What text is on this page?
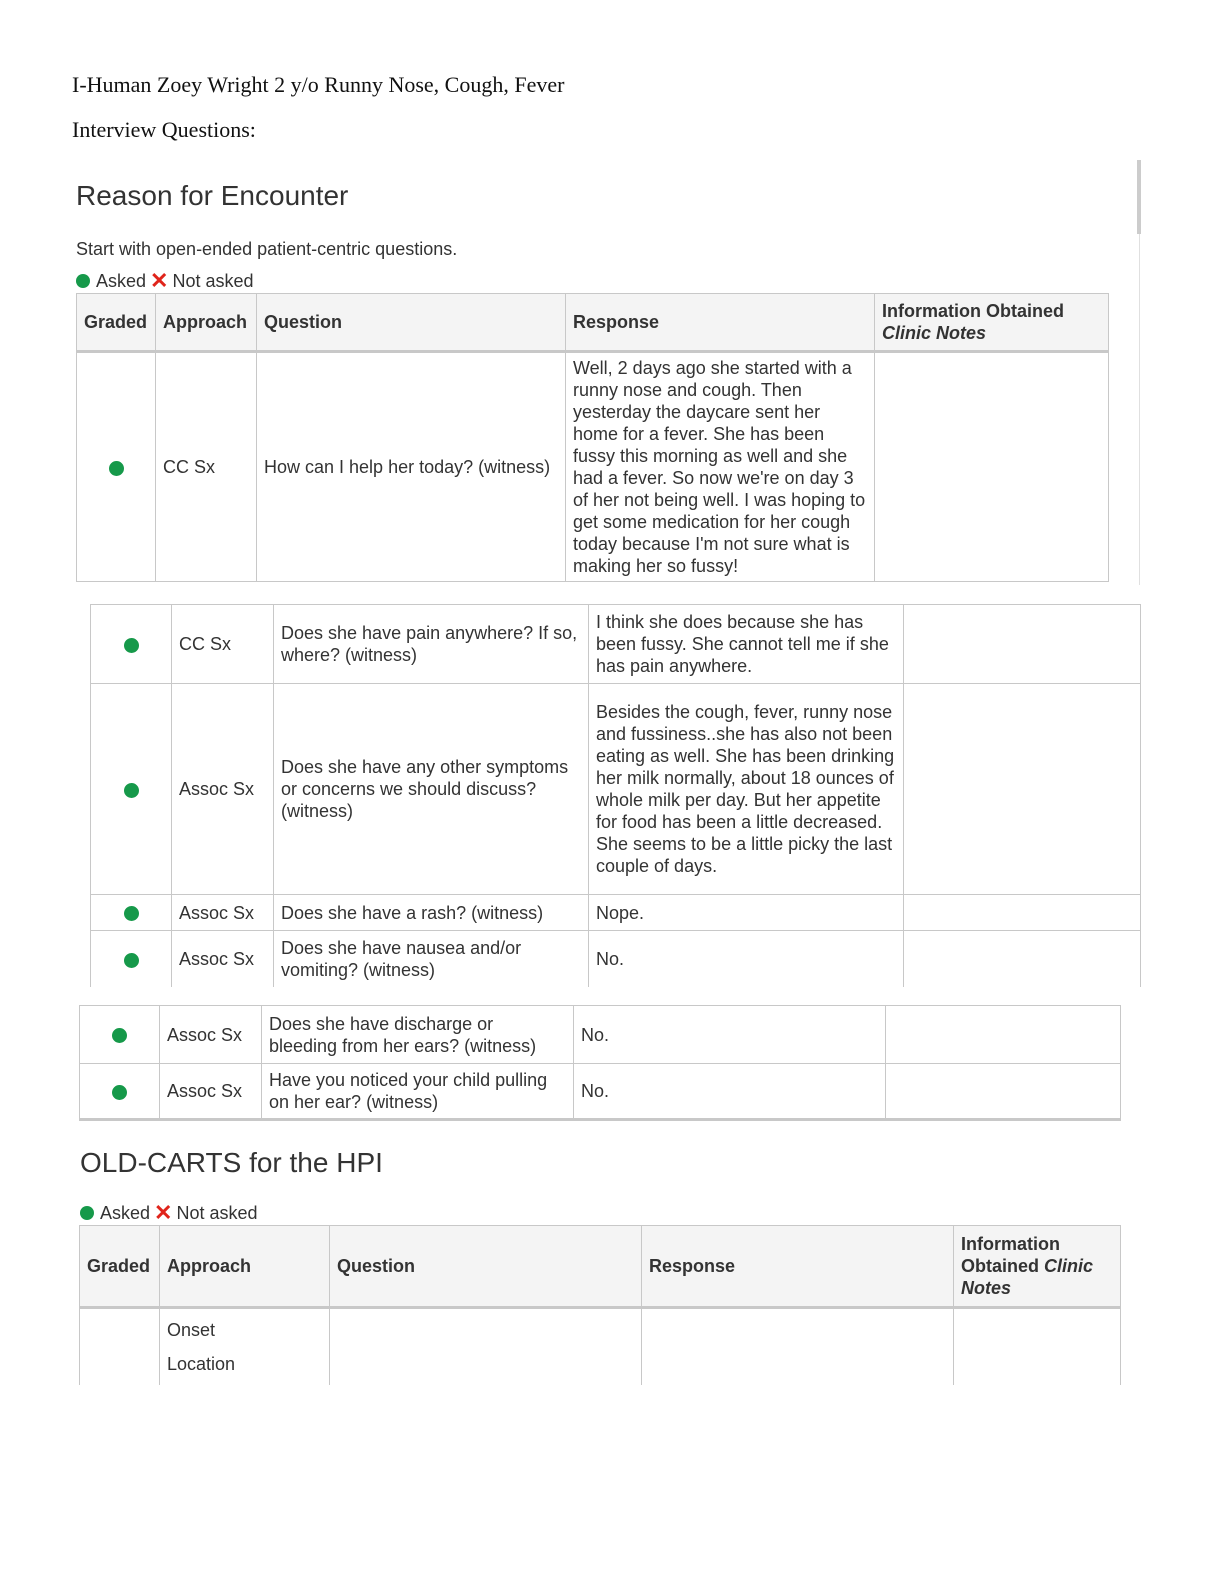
I-Human Zoey Wright 2 y/o Runny Nose, Cough, Fever

Interview Questions:

Reason for Encounter

Start with open-ended patient-centric questions.

Asked ✕ Not asked
Graded	Approach	Question	Response	Information Obtained
Clinic Notes

	CC Sx	How can I help her today? (witness)	Well, 2 days ago she started with a runny nose and cough. Then yesterday the daycare sent her home for a fever. She has been fussy this morning as well and she had a fever. So now we're on day 3 of her not being well. I was hoping to get some medication for her cough today because I'm not sure what is making her so fussy!	
	CC Sx	Does she have pain anywhere? If so, where? (witness)	I think she does because she has been fussy. She cannot tell me if she has pain anywhere.	
	Assoc Sx	Does she have any other symptoms or concerns we should discuss? (witness)	Besides the cough, fever, runny nose and fussiness..she has also not been eating as well. She has been drinking her milk normally, about 18 ounces of whole milk per day. But her appetite for food has been a little decreased. She seems to be a little picky the last couple of days.	
	Assoc Sx	Does she have a rash? (witness)	Nope.	
	Assoc Sx	Does she have nausea and/or vomiting? (witness)	No.	
	Assoc Sx	Does she have discharge or bleeding from her ears? (witness)	No.	
	Assoc Sx	Have you noticed your child pulling on her ear? (witness)	No.	
OLD-CARTS for the HPI
Asked ✕ Not asked
Graded	Approach	Question	Response	Information
Obtained Clinic
Notes

	Onset
Location			
